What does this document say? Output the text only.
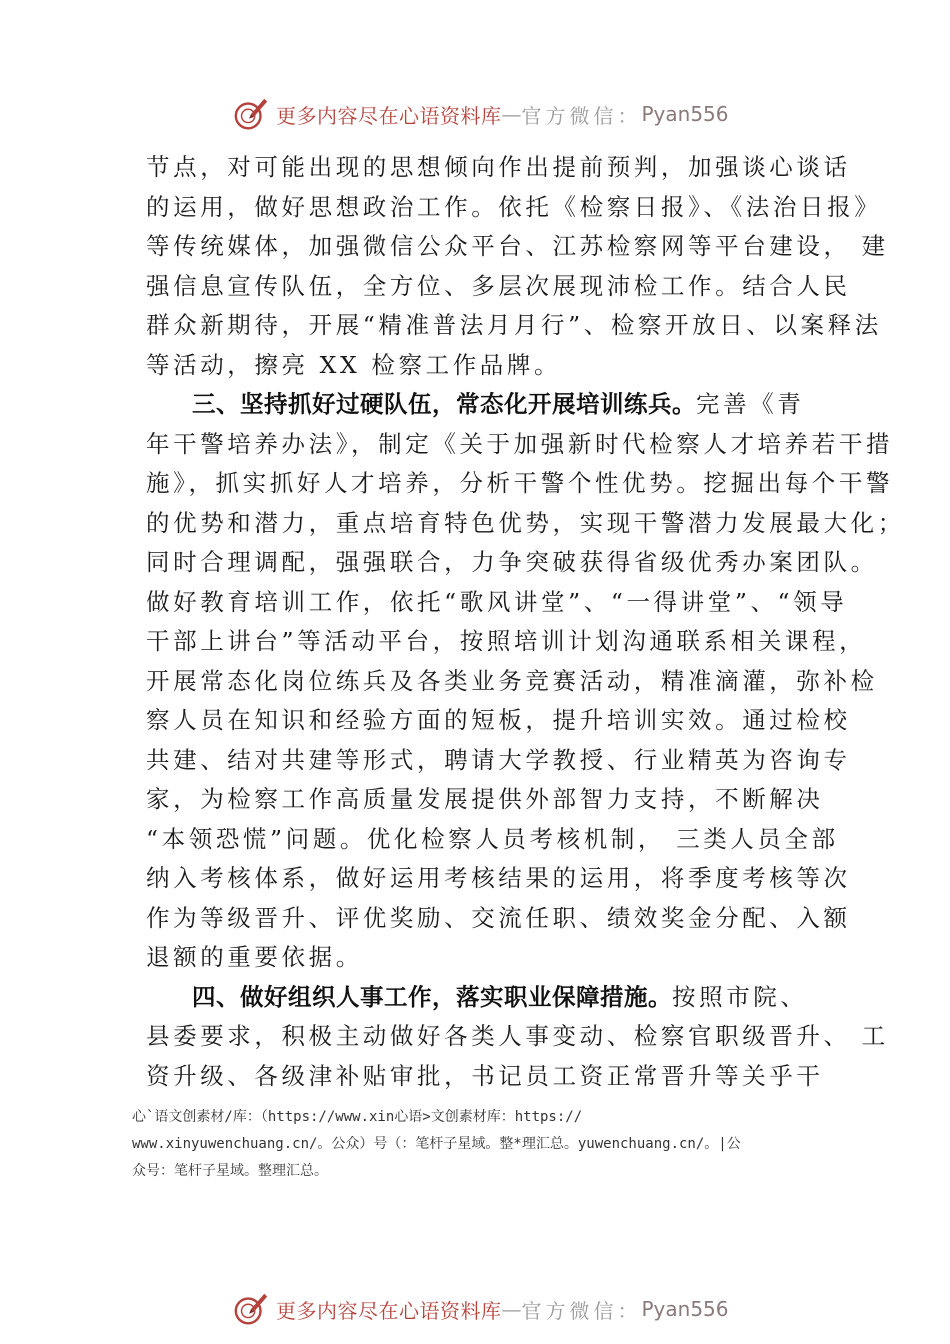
更多内容尽在心语资料库 — 官方微信： Pyan556
节点，对可能出现的思想倾向作出提前预判，加强谈心谈话
的运用，做好思想政治工作。依托《检察日报》、《法治日报》
等传统媒体，加强微信公众平台、江苏检察网等平台建设， 建
强信息宣传队伍，全方位、多层次展现沛检工作。结合人民
群众新期待，开展“精准普法月月行”、检察开放日、以案释法
等活动，擦亮 XX 检察工作品牌。
三、坚持抓好过硬队伍，常态化开展培训练兵。完善《青
年干警培养办法》，制定《关于加强新时代检察人才培养若干措
施》，抓实抓好人才培养，分析干警个性优势。挖掘出每个干警
的优势和潜力，重点培育特色优势，实现干警潜力发展最大化；
同时合理调配，强强联合，力争突破获得省级优秀办案团队。
做好教育培训工作，依托“歌风讲堂”、“一得讲堂”、“领导
干部上讲台”等活动平台，按照培训计划沟通联系相关课程，
开展常态化岗位练兵及各类业务竞赛活动，精准滴灌，弥补检
察人员在知识和经验方面的短板，提升培训实效。通过检校
共建、结对共建等形式，聘请大学教授、行业精英为咨询专
家，为检察工作高质量发展提供外部智力支持，不断解决
“本领恐慌”问题。优化检察人员考核机制， 三类人员全部
纳入考核体系，做好运用考核结果的运用，将季度考核等次
作为等级晋升、评优奖励、交流任职、绩效奖金分配、入额
退额的重要依据。
四、做好组织人事工作，落实职业保障措施。按照市院、
县委要求，积极主动做好各类人事变动、检察官职级晋升、 工
资升级、各级津补贴审批，书记员工资正常晋升等关乎干
心`语文创素材/库：（https://www.xin心语>文创素材库：https://
www.xinyuwenchuang.cn/。公众）号（：笔杆子星域。整*理汇总。yuwenchuang.cn/。|公
众号：笔杆子星域。整理汇总。
更多内容尽在心语资料库 — 官方微信： Pyan556
